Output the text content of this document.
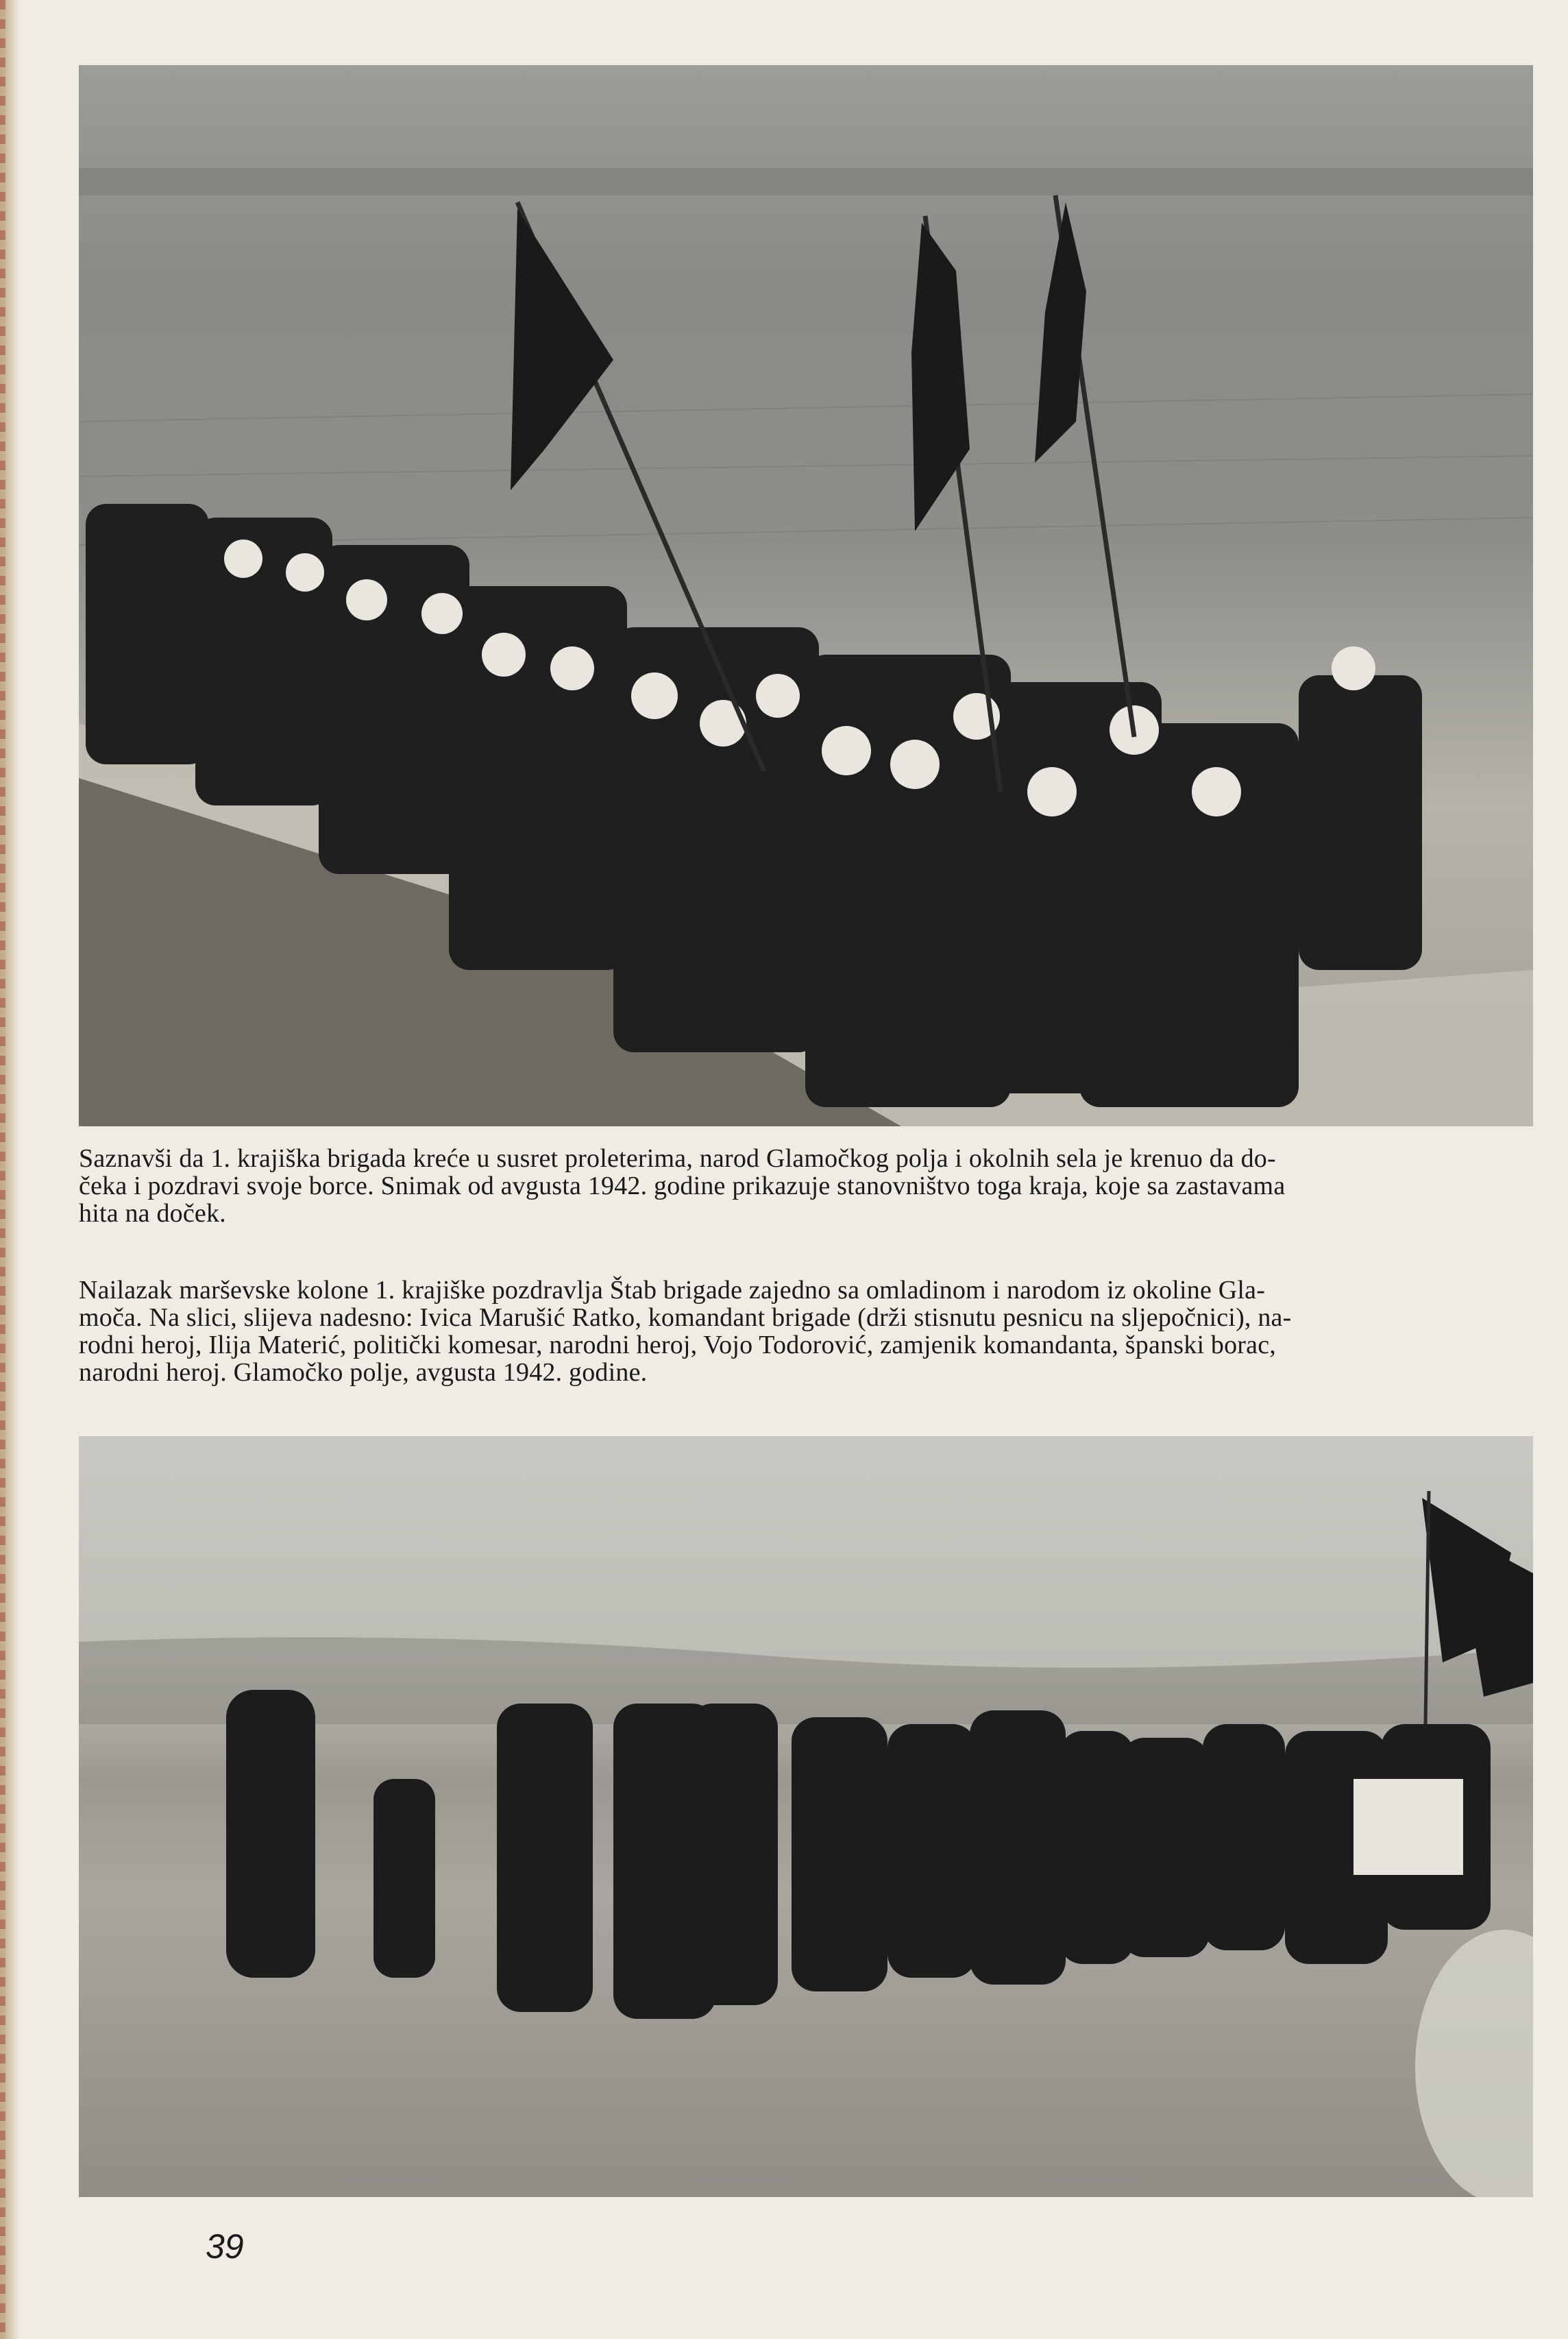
Saznavši da 1. krajiška brigada kreće u susret proleterima, narod Glamočkog polja i okolnih sela je krenuo da do-
čeka i pozdravi svoje borce. Snimak od avgusta 1942. godine prikazuje stanovništvo toga kraja, koje sa zastavama
hita na doček.
Nailazak marševske kolone 1. krajiške pozdravlja Štab brigade zajedno sa omladinom i narodom iz okoline Gla-
moča. Na slici, slijeva nadesno: Ivica Marušić Ratko, komandant brigade (drži stisnutu pesnicu na sljepočnici), na-
rodni heroj, Ilija Materić, politički komesar, narodni heroj, Vojo Todorović, zamjenik komandanta, španski borac,
narodni heroj. Glamočko polje, avgusta 1942. godine.
39
